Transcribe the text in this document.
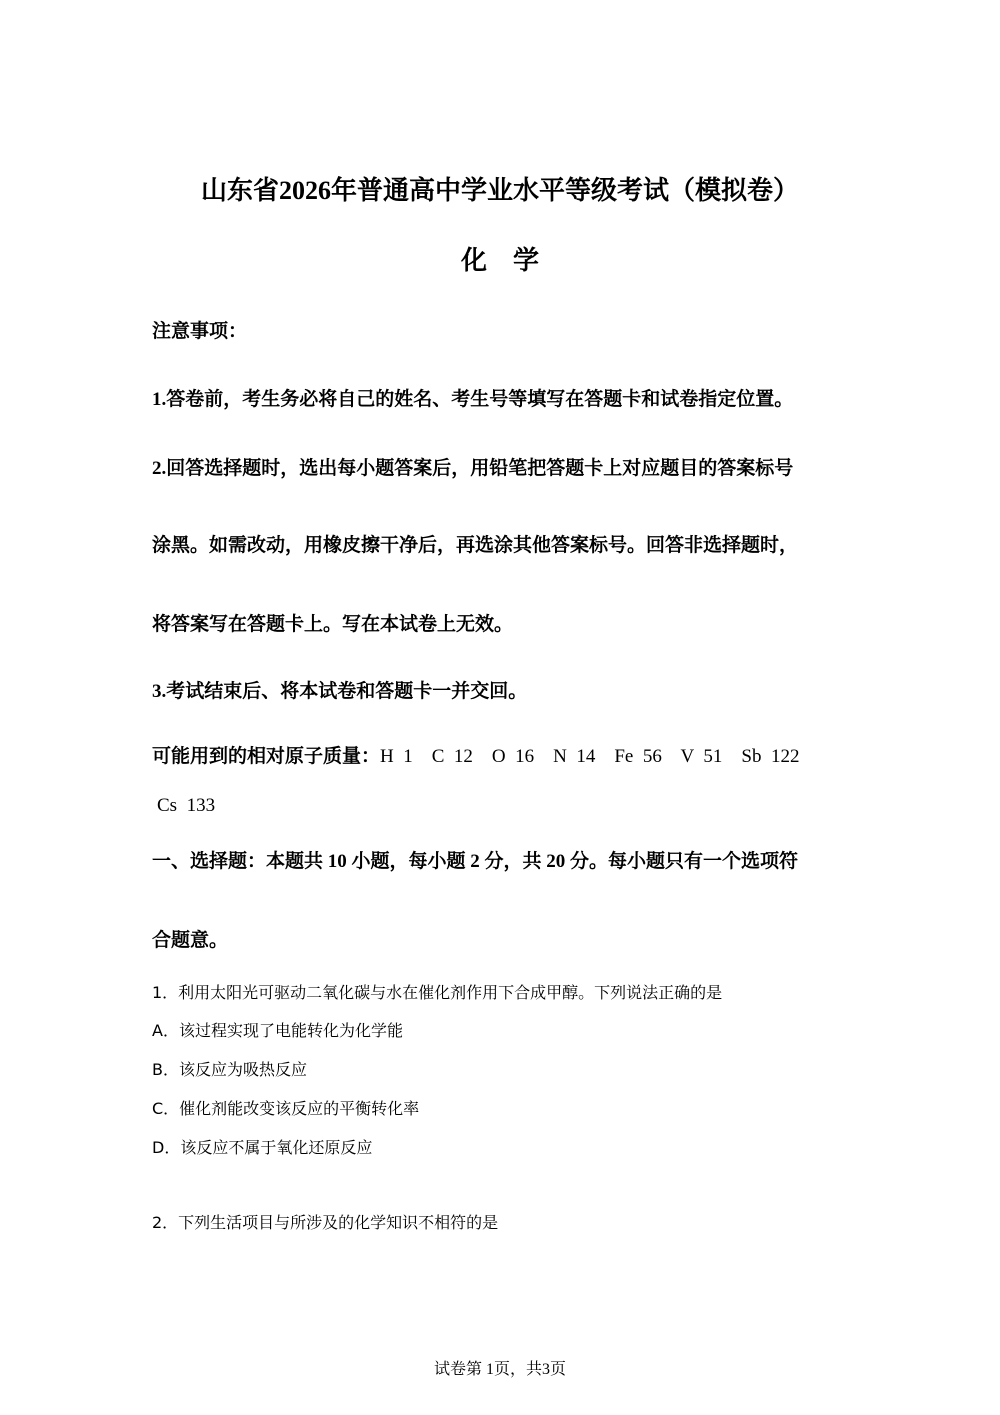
山东省2026年普通高中学业水平等级考试（模拟卷）
化　学
注意事项：
1.答卷前，考生务必将自己的姓名、考生号等填写在答题卡和试卷指定位置。
2.回答选择题时，选出每小题答案后，用铅笔把答题卡上对应题目的答案标号
涂黑。如需改动，用橡皮擦干净后，再选涂其他答案标号。回答非选择题时，
将答案写在答题卡上。写在本试卷上无效。
3.考试结束后、将本试卷和答题卡一并交回。
可能用到的相对原子质量：H  1    C  12    O  16    N  14    Fe  56    V  51    Sb  122
Cs  133
一、选择题：本题共 10 小题，每小题 2 分，共 20 分。每小题只有一个选项符
合题意。
1．利用太阳光可驱动二氧化碳与水在催化剂作用下合成甲醇。下列说法正确的是
A．该过程实现了电能转化为化学能
B．该反应为吸热反应
C．催化剂能改变该反应的平衡转化率
D．该反应不属于氧化还原反应
2．下列生活项目与所涉及的化学知识不相符的是
试卷第 1页，共3页
